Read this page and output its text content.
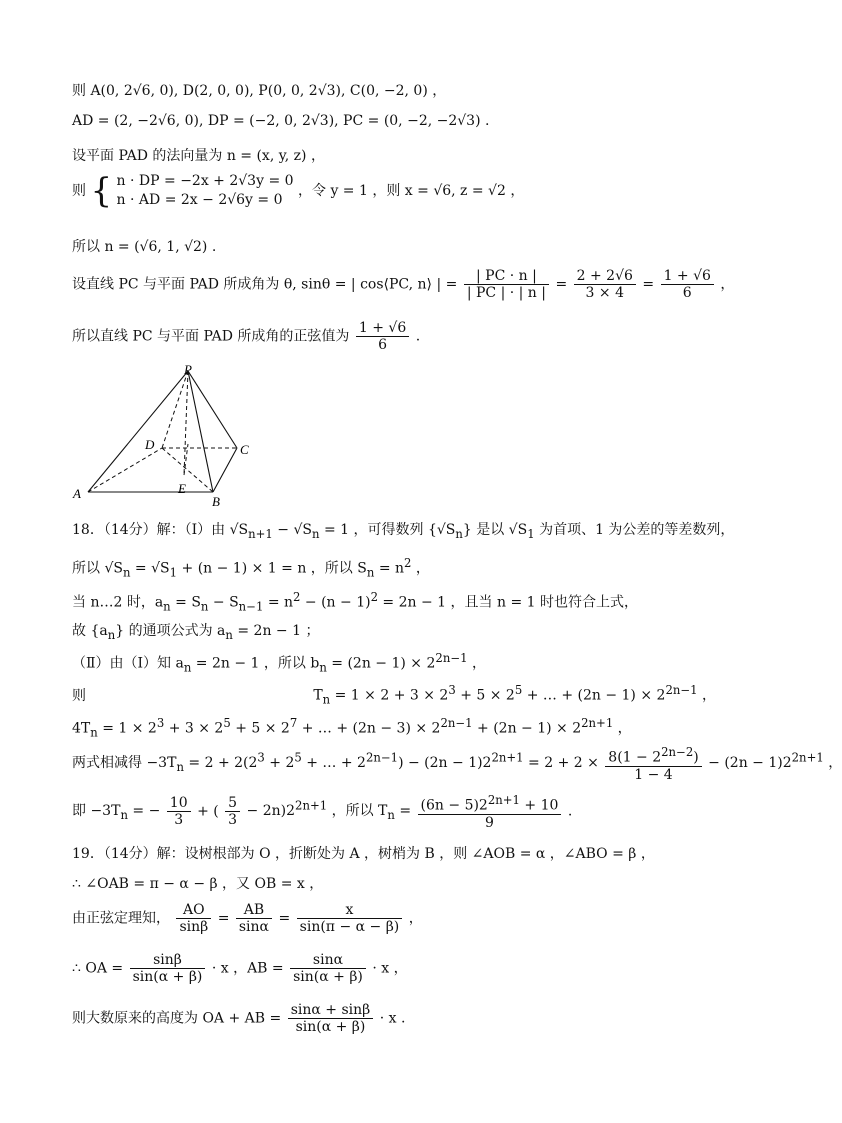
则 A(0, 2√6, 0), D(2, 0, 0), P(0, 0, 2√3), C(0, −2, 0) ，
AD = (2, −2√6, 0), DP = (−2, 0, 2√3), PC = (0, −2, −2√3) .
设平面 PAD 的法向量为 n = (x, y, z) ，
则 { n · DP = −2x + 2√3y = 0
n · AD = 2x − 2√6y = 0
，令 y = 1 ，则 x = √6, z = √2 ，
所以 n = (√6, 1, √2) .
设直线 PC 与平面 PAD 所成角为 θ, sinθ = | cos⟨PC, n⟩ | = $\frac{| PC \cdot n |}{| PC | \cdot | n |} = \frac{2 + 2√6}{3 \times 4} = \frac{1 + √6}{6}$ ，
所以直线 PC 与平面 PAD 所成角的正弦值为 $\frac{1 + √6}{6}$ .
P
D	C
A	E
B
18．（14分）解：（Ⅰ）由 $√S_{n+1} - √S_n = 1$ ，可得数列 $\{√S_n\}$ 是以 $√S_1$ 为首项、1 为公差的等差数列，
所以 $√S_n = √S_1 + (n - 1) \times 1 = n$ ，所以 $S_n = n^2$ ，
当 n…2 时，$a_n = S_n - S_{n-1} = n^2 - (n - 1)^2 = 2n - 1$ ，且当 n = 1 时也符合上式，
故 $\{a_n\}$ 的通项公式为 $a_n = 2n - 1$ ；
（Ⅱ）由（Ⅰ）知 $a_n = 2n - 1$ ，所以 $b_n = (2n - 1) \times 2^{2n-1}$ ，
则	$T_n = 1 \times 2 + 3 \times 2^3 + 5 \times 2^5$ + … + $(2n - 1) \times 2^{2n-1}$ ，
$4T_n = 1 \times 2^3 + 3 \times 2^5 + 5 \times 2^7$ + … + $(2n - 3) \times 2^{2n-1} + (2n - 1) \times 2^{2n+1}$ ，
两式相减得 $-3T_n = 2 + 2(2^3 + 2^5$ + … + $2^{2n-1}) - (2n - 1)2^{2n+1} = 2 + 2 \times \frac{8(1 - 2^{2n-2})}{1 - 4} - (2n - 1)2^{2n+1}$ ，
即 $-3T_n$ = − $\frac{10}{3}$ + ( $\frac{5}{3} - 2n)2^{2n+1}$ ，所以 $T_n = \frac{(6n - 5)2^{2n+1} + 10}{9}$ .
19．（14分）解：设树根部为 O ，折断处为 A ，树梢为 B ，则 ∠AOB = α ，∠ABO = β ，
∴ ∠OAB = π − α − β ，又 OB = x ，
由正弦定理知， $\frac{AO}{\sin\beta} = \frac{AB}{\sin\alpha} = \frac{x}{\sin(\pi - \alpha - \beta)}$ ，
∴ OA = $\frac{\sin\beta}{\sin(\alpha + \beta)} \cdot x$ ，AB = $\frac{\sin\alpha}{\sin(\alpha + \beta)} \cdot x$ ，
则大数原来的高度为 OA + AB = $\frac{\sin\alpha + \sin\beta}{\sin(\alpha + \beta)} \cdot x$ .
